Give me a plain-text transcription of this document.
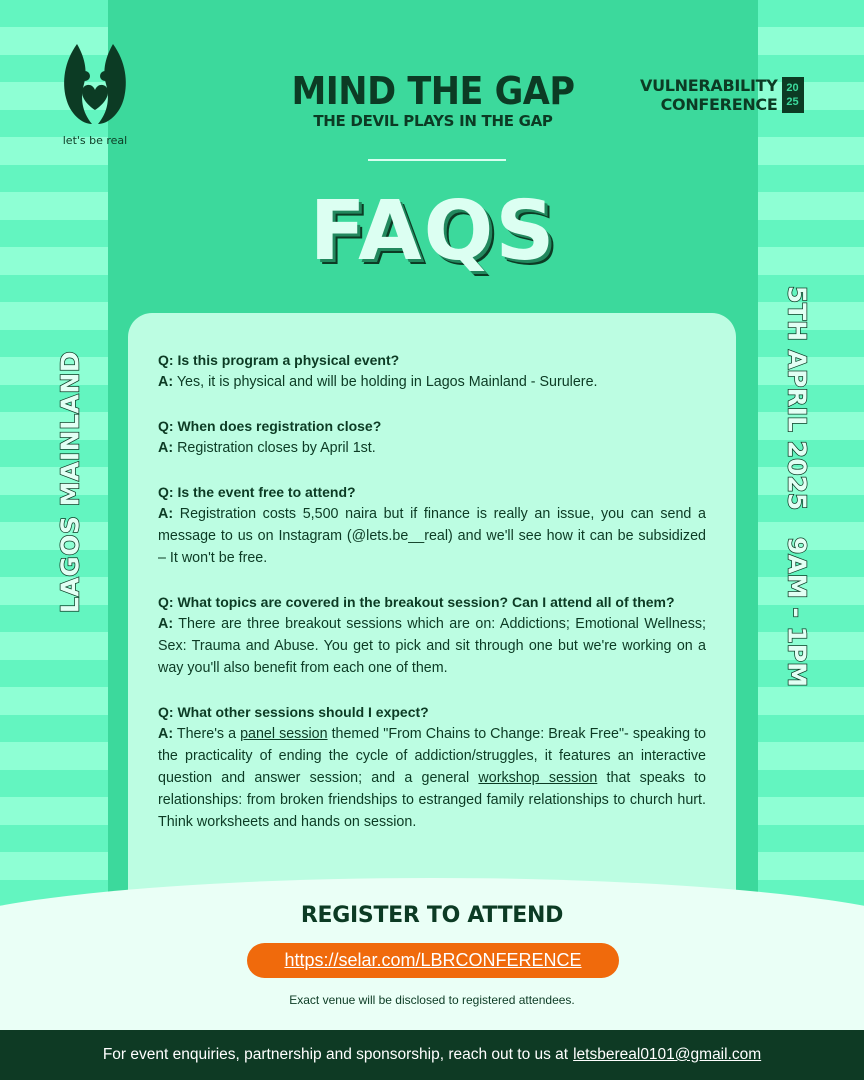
let's be real
MIND THE GAP
THE DEVIL PLAYS IN THE GAP
VULNERABILITY
CONFERENCE
20
25
FAQS
LAGOS MAINLAND	5TH APRIL 2025
9AM - 1PM
Q: Is this program a physical event?
A: Yes, it is physical and will be holding in Lagos Mainland - Surulere.
Q: When does registration close?
A: Registration closes by April 1st.
Q: Is the event free to attend?
A: Registration costs 5,500 naira but if finance is really an issue, you can send a message to us on Instagram (@lets.be__real) and we'll see how it can be subsidized – It won't be free.
Q: What topics are covered in the breakout session? Can I attend all of them?
A: There are three breakout sessions which are on: Addictions; Emotional Wellness; Sex: Trauma and Abuse. You get to pick and sit through one but we're working on a way you'll also benefit from each one of them.
Q: What other sessions should I expect?
A: There's a panel session themed "From Chains to Change: Break Free"- speaking to the practicality of ending the cycle of addiction/struggles, it features an interactive question and answer session; and a general workshop session that speaks to relationships: from broken friendships to estranged family relationships to church hurt. Think worksheets and hands on session.
REGISTER TO ATTEND
https://selar.com/LBRCONFERENCE
Exact venue will be disclosed to registered attendees.
For event enquiries, partnership and sponsorship, reach out to us at letsbereal0101@gmail.com
